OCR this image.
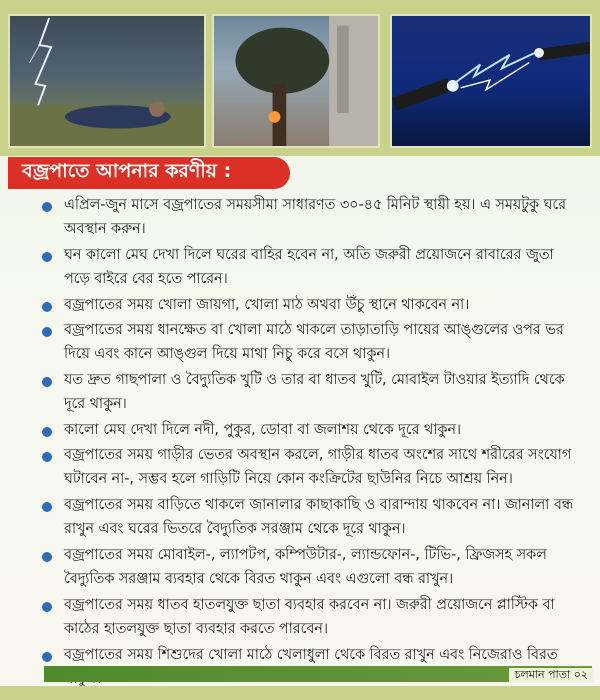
বজ্রপাতে আপনার করণীয় :
এপ্রিল-জুন মাসে বজ্রপাতের সময়সীমা সাধারণত ৩০-৪৫ মিনিট স্থায়ী হয়। এ সময়টুকু ঘরে অবস্থান করুন।
ঘন কালো মেঘ দেখা দিলে ঘরের বাহির হবেন না, অতি জরুরী প্রয়োজনে রাবারের জুতা পড়ে বাইরে বের হতে পারেন।
বজ্রপাতের সময় খোলা জায়গা, খোলা মাঠ অথবা উঁচু স্থানে থাকবেন না।
বজ্রপাতের সময় ধানক্ষেত বা খোলা মাঠে থাকলে তাড়াতাড়ি পায়ের আঙ্গুলের ওপর ভর দিয়ে এবং কানে আঙ্গুল দিয়ে মাথা নিচু করে বসে থাকুন।
যত দ্রুত গাছপালা ও বৈদ্যুতিক খুটি ও তার বা ধাতব খুটি, মোবাইল টাওয়ার ইত্যাদি থেকে দূরে থাকুন।
কালো মেঘ দেখা দিলে নদী, পুকুর, ডোবা বা জলাশয় থেকে দূরে থাকুন।
বজ্রপাতের সময় গাড়ীর ভেতর অবস্থান করলে, গাড়ীর ধাতব অংশের সাথে শরীরের সংযোগ ঘটাবেন না-, সম্ভব হলে গাড়িটি নিয়ে কোন কংক্রিটের ছাউনির নিচে আশ্রয় নিন।
বজ্রপাতের সময় বাড়িতে থাকলে জানালার কাছাকাছি ও বারান্দায় থাকবেন না। জানালা বন্ধ রাখুন এবং ঘরের ভিতরে বৈদ্যুতিক সরঞ্জাম থেকে দূরে থাকুন।
বজ্রপাতের সময় মোবাইল-, ল্যাপটপ, কম্পিউটার-, ল্যান্ডফোন-, টিভি-, ফ্রিজসহ সকল বৈদ্যুতিক সরঞ্জাম ব্যবহার থেকে বিরত থাকুন এবং এগুলো বন্ধ রাখুন।
বজ্রপাতের সময় ধাতব হাতলযুক্ত ছাতা ব্যবহার করবেন না। জরুরী প্রয়োজনে প্লাস্টিক বা কাঠের হাতলযুক্ত ছাতা ব্যবহার করতে পারবেন।
বজ্রপাতের সময় শিশুদের খোলা মাঠে খেলাধুলা থেকে বিরত রাখুন এবং নিজেরাও বিরত
চলমান পাতা ০২
